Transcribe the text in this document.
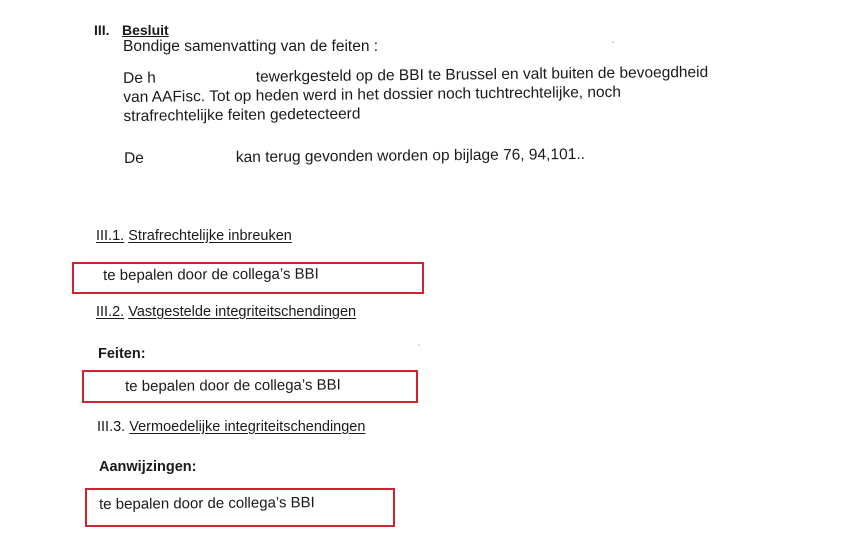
III. Besluit
Bondige samenvatting van de feiten :
De h	tewerkgesteld op de BBI te Brussel en valt buiten de bevoegdheid
van AAFisc. Tot op heden werd in het dossier noch tuchtrechtelijke, noch
strafrechtelijke feiten gedetecteerd
De	kan terug gevonden worden op bijlage 76, 94,101..
III.1. Strafrechtelijke inbreuken
te bepalen door de collega’s BBI
III.2. Vastgestelde integriteitschendingen
Feiten:
te bepalen door de collega’s BBI
III.3. Vermoedelijke integriteitschendingen
Aanwijzingen:
te bepalen door de collega’s BBI
